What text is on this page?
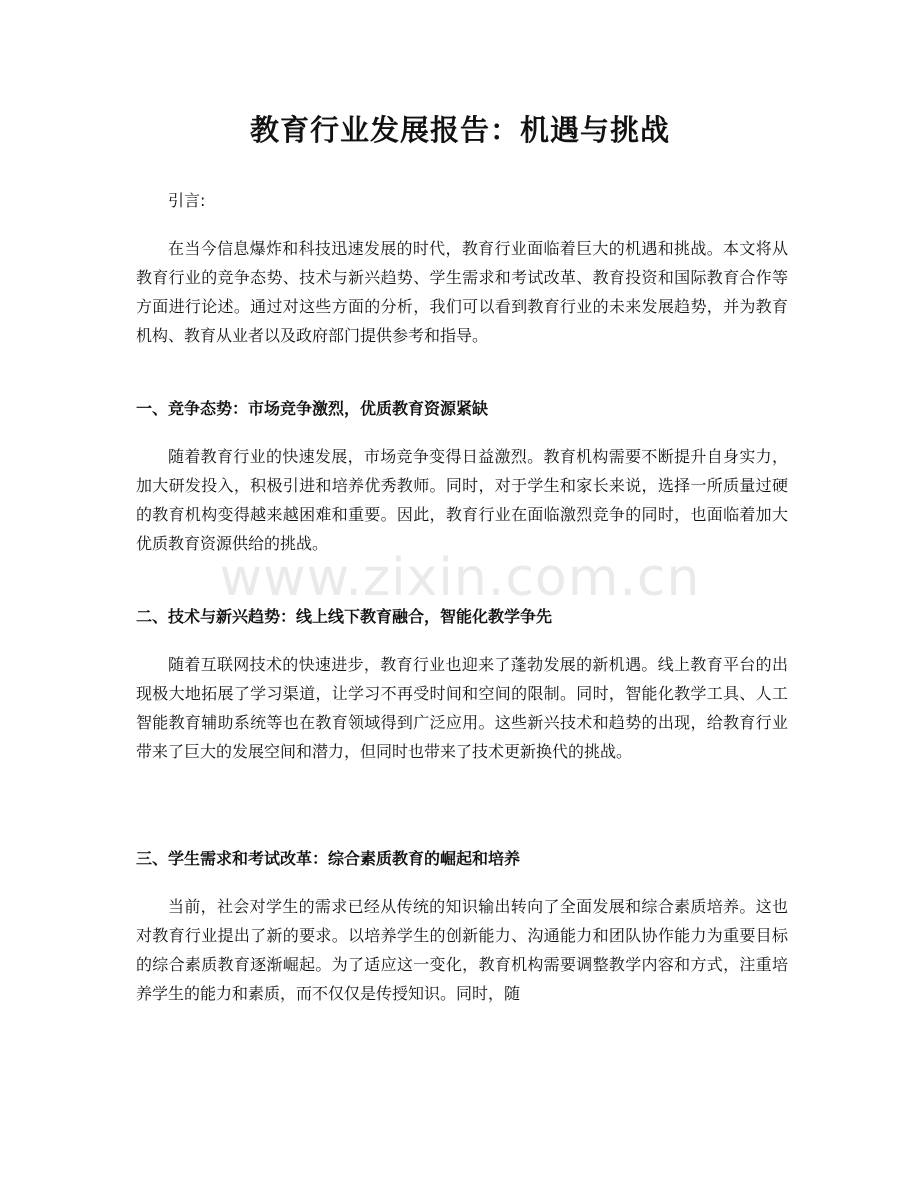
教育行业发展报告：机遇与挑战
引言:

在当今信息爆炸和科技迅速发展的时代，教育行业面临着巨大的机遇和挑战。本文将从教育行业的竞争态势、技术与新兴趋势、学生需求和考试改革、教育投资和国际教育合作等方面进行论述。通过对这些方面的分析，我们可以看到教育行业的未来发展趋势，并为教育机构、教育从业者以及政府部门提供参考和指导。

一、竞争态势：市场竞争激烈，优质教育资源紧缺

随着教育行业的快速发展，市场竞争变得日益激烈。教育机构需要不断提升自身实力，加大研发投入，积极引进和培养优秀教师。同时，对于学生和家长来说，选择一所质量过硬的教育机构变得越来越困难和重要。因此，教育行业在面临激烈竞争的同时，也面临着加大优质教育资源供给的挑战。

二、技术与新兴趋势：线上线下教育融合，智能化教学争先

随着互联网技术的快速进步，教育行业也迎来了蓬勃发展的新机遇。线上教育平台的出现极大地拓展了学习渠道，让学习不再受时间和空间的限制。同时，智能化教学工具、人工智能教育辅助系统等也在教育领域得到广泛应用。这些新兴技术和趋势的出现，给教育行业带来了巨大的发展空间和潜力，但同时也带来了技术更新换代的挑战。

三、学生需求和考试改革：综合素质教育的崛起和培养

当前，社会对学生的需求已经从传统的知识输出转向了全面发展和综合素质培养。这也对教育行业提出了新的要求。以培养学生的创新能力、沟通能力和团队协作能力为重要目标的综合素质教育逐渐崛起。为了适应这一变化，教育机构需要调整教学内容和方式，注重培养学生的能力和素质，而不仅仅是传授知识。同时，随

www.zixin.com.cn
